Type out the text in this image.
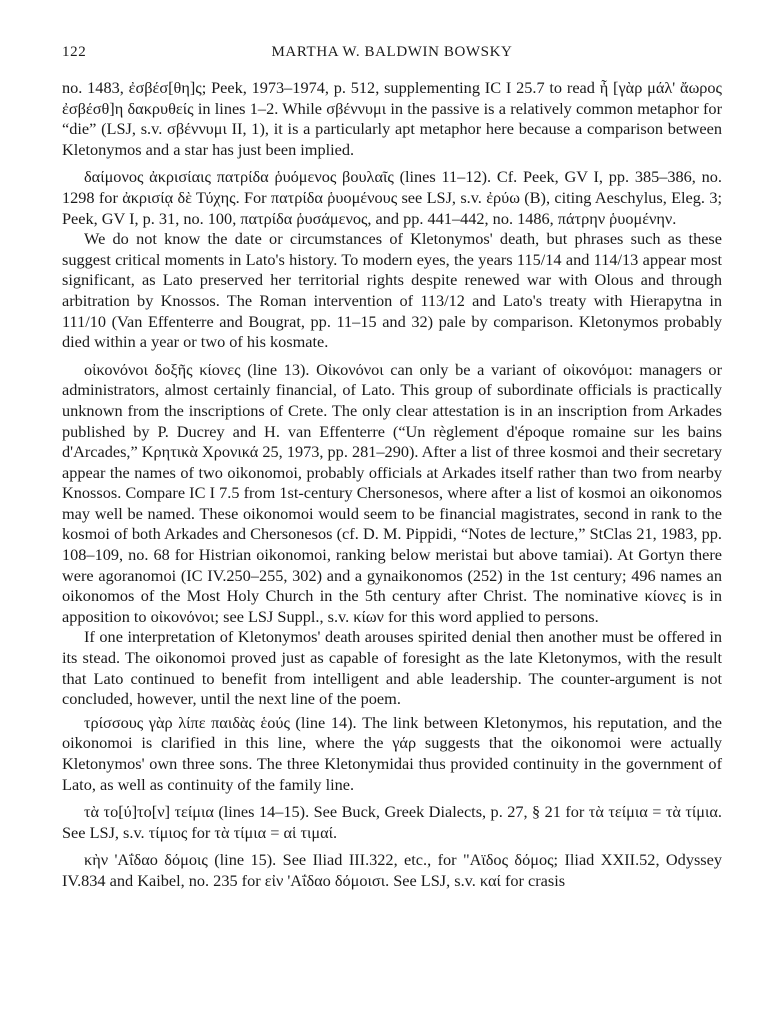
122	MARTHA W. BALDWIN BOWSKY

no. 1483, ἐσβέσ[θη]ς; Peek, 1973–1974, p. 512, supplementing IC I 25.7 to read ἦ [γὰρ μάλ' ἄωρος ἐσβέσθ]η δακρυθείς in lines 1–2. While σβέννυμι in the passive is a relatively common metaphor for “die” (LSJ, s.v. σβέννυμι II, 1), it is a particularly apt metaphor here because a comparison between Kletonymos and a star has just been implied.

δαίμονος ἀκρισίαις πατρίδα ῥυόμενος βουλαῖς (lines 11–12). Cf. Peek, GV I, pp. 385–386, no. 1298 for ἀκρισίᾳ δὲ Τύχης. For πατρίδα ῥυομένους see LSJ, s.v. ἐρύω (B), citing Aeschylus, Eleg. 3; Peek, GV I, p. 31, no. 100, πατρίδα ῥυσάμενος, and pp. 441–442, no. 1486, πάτρην ῥυομένην.

We do not know the date or circumstances of Kletonymos' death, but phrases such as these suggest critical moments in Lato's history. To modern eyes, the years 115/14 and 114/13 appear most significant, as Lato preserved her territorial rights despite renewed war with Olous and through arbitration by Knossos. The Roman intervention of 113/12 and Lato's treaty with Hierapytna in 111/10 (Van Effenterre and Bougrat, pp. 11–15 and 32) pale by comparison. Kletonymos probably died within a year or two of his kosmate.

οἰκονόνοι δοξῆς κίονες (line 13). Οἰκονόνοι can only be a variant of οἰκονόμοι: managers or administrators, almost certainly financial, of Lato. This group of subordinate officials is practically unknown from the inscriptions of Crete. The only clear attestation is in an inscription from Arkades published by P. Ducrey and H. van Effenterre (“Un règlement d'époque romaine sur les bains d'Arcades,” Κρητικὰ Χρονικά 25, 1973, pp. 281–290). After a list of three kosmoi and their secretary appear the names of two oikonomoi, probably officials at Arkades itself rather than two from nearby Knossos. Compare IC I 7.5 from 1st-century Chersonesos, where after a list of kosmoi an oikonomos may well be named. These oikonomoi would seem to be financial magistrates, second in rank to the kosmoi of both Arkades and Chersonesos (cf. D. M. Pippidi, “Notes de lecture,” StClas 21, 1983, pp. 108–109, no. 68 for Histrian oikonomoi, ranking below meristai but above tamiai). At Gortyn there were agoranomoi (IC IV.250–255, 302) and a gynaikonomos (252) in the 1st century; 496 names an oikonomos of the Most Holy Church in the 5th century after Christ. The nominative κίονες is in apposition to οἰκονόνοι; see LSJ Suppl., s.v. κίων for this word applied to persons.

If one interpretation of Kletonymos' death arouses spirited denial then another must be offered in its stead. The oikonomoi proved just as capable of foresight as the late Kletonymos, with the result that Lato continued to benefit from intelligent and able leadership. The counter-argument is not concluded, however, until the next line of the poem.

τρίσσους γὰρ λίπε παιδὰς ἑούς (line 14). The link between Kletonymos, his reputation, and the oikonomoi is clarified in this line, where the γάρ suggests that the oikonomoi were actually Kletonymos' own three sons. The three Kletonymidai thus provided continuity in the government of Lato, as well as continuity of the family line.

τὰ το[ύ]το[ν] τείμια (lines 14–15). See Buck, Greek Dialects, p. 27, § 21 for τὰ τείμια = τὰ τίμια. See LSJ, s.v. τίμιος for τὰ τίμια = αἱ τιμαί.

κὴν 'Αΐδαο δόμοις (line 15). See Iliad III.322, etc., for "Αϊδος δόμος; Iliad XXII.52, Odyssey IV.834 and Kaibel, no. 235 for εἰν 'Αΐδαο δόμοισι. See LSJ, s.v. καί for crasis
